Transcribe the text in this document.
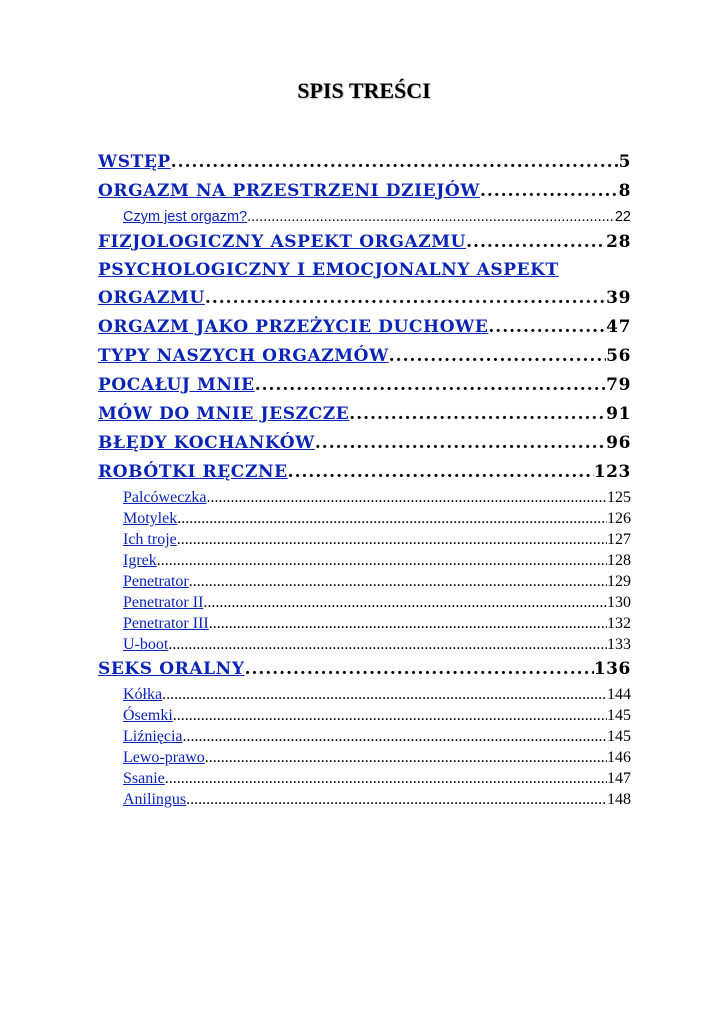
SPIS TREŚCI
WSTĘP .....	5
ORGAZM NA PRZESTRZENI DZIEJÓW .....	8
Czym jest orgazm? .....	22
FIZJOLOGICZNY ASPEKT ORGAZMU .....	28
PSYCHOLOGICZNY I EMOCJONALNY ASPEKT
ORGAZMU .....	39
ORGAZM JAKO PRZEŻYCIE DUCHOWE .....	47
TYPY NASZYCH ORGAZMÓW .....	56
POCAŁUJ MNIE .....	79
MÓW DO MNIE JESZCZE .....	91
BŁĘDY KOCHANKÓW .....	96
ROBÓTKI RĘCZNE .....	123
Palcóweczka .....	125
Motylek .....	126
Ich troje .....	127
Igrek .....	128
Penetrator .....	129
Penetrator II .....	130
Penetrator III .....	132
U-boot .....	133
SEKS ORALNY .....	136
Kółka .....	144
Ósemki .....	145
Liźnięcia .....	145
Lewo-prawo .....	146
Ssanie .....	147
Anilingus .....	148
